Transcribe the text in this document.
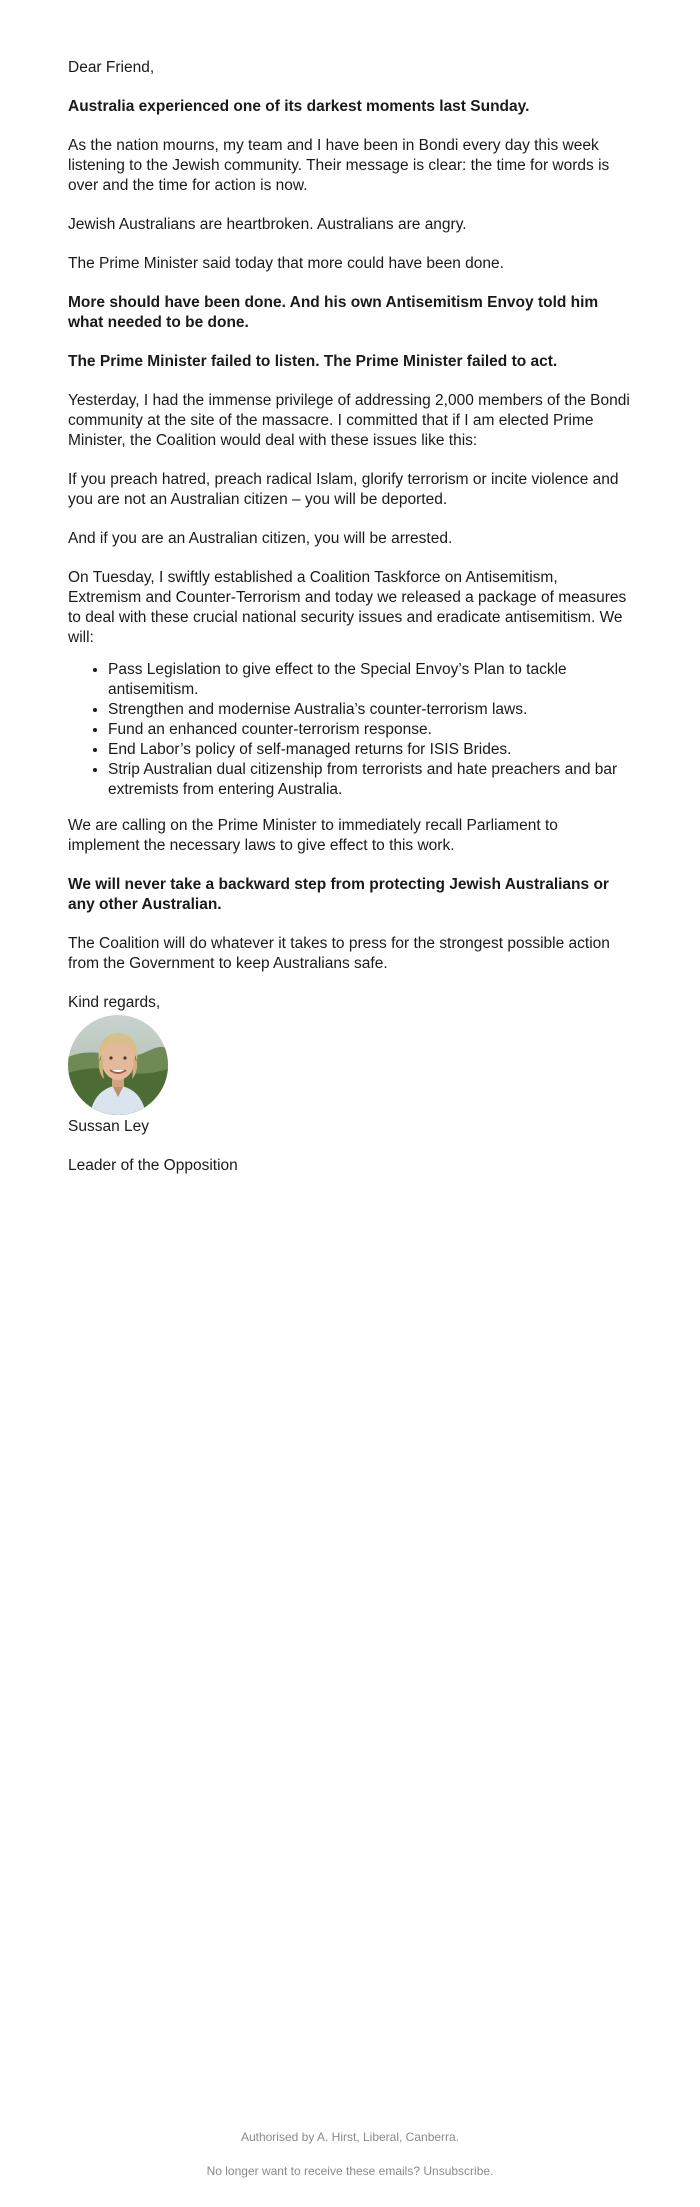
Dear Friend,

Australia experienced one of its darkest moments last Sunday.

As the nation mourns, my team and I have been in Bondi every day this week listening to the Jewish community. Their message is clear: the time for words is over and the time for action is now.

Jewish Australians are heartbroken. Australians are angry.

The Prime Minister said today that more could have been done.

More should have been done. And his own Antisemitism Envoy told him what needed to be done.

The Prime Minister failed to listen. The Prime Minister failed to act.

Yesterday, I had the immense privilege of addressing 2,000 members of the Bondi community at the site of the massacre. I committed that if I am elected Prime Minister, the Coalition would deal with these issues like this:

If you preach hatred, preach radical Islam, glorify terrorism or incite violence and you are not an Australian citizen – you will be deported.

And if you are an Australian citizen, you will be arrested.

On Tuesday, I swiftly established a Coalition Taskforce on Antisemitism, Extremism and Counter-Terrorism and today we released a package of measures to deal with these crucial national security issues and eradicate antisemitism. We will:

• Pass Legislation to give effect to the Special Envoy’s Plan to tackle antisemitism.
• Strengthen and modernise Australia’s counter-terrorism laws.
• Fund an enhanced counter-terrorism response.
• End Labor’s policy of self-managed returns for ISIS Brides.
• Strip Australian dual citizenship from terrorists and hate preachers and bar extremists from entering Australia.

We are calling on the Prime Minister to immediately recall Parliament to implement the necessary laws to give effect to this work.

We will never take a backward step from protecting Jewish Australians or any other Australian.

The Coalition will do whatever it takes to press for the strongest possible action from the Government to keep Australians safe.

Kind regards,

Sussan Ley

Leader of the Opposition

Authorised by A. Hirst, Liberal, Canberra.
No longer want to receive these emails? Unsubscribe.
